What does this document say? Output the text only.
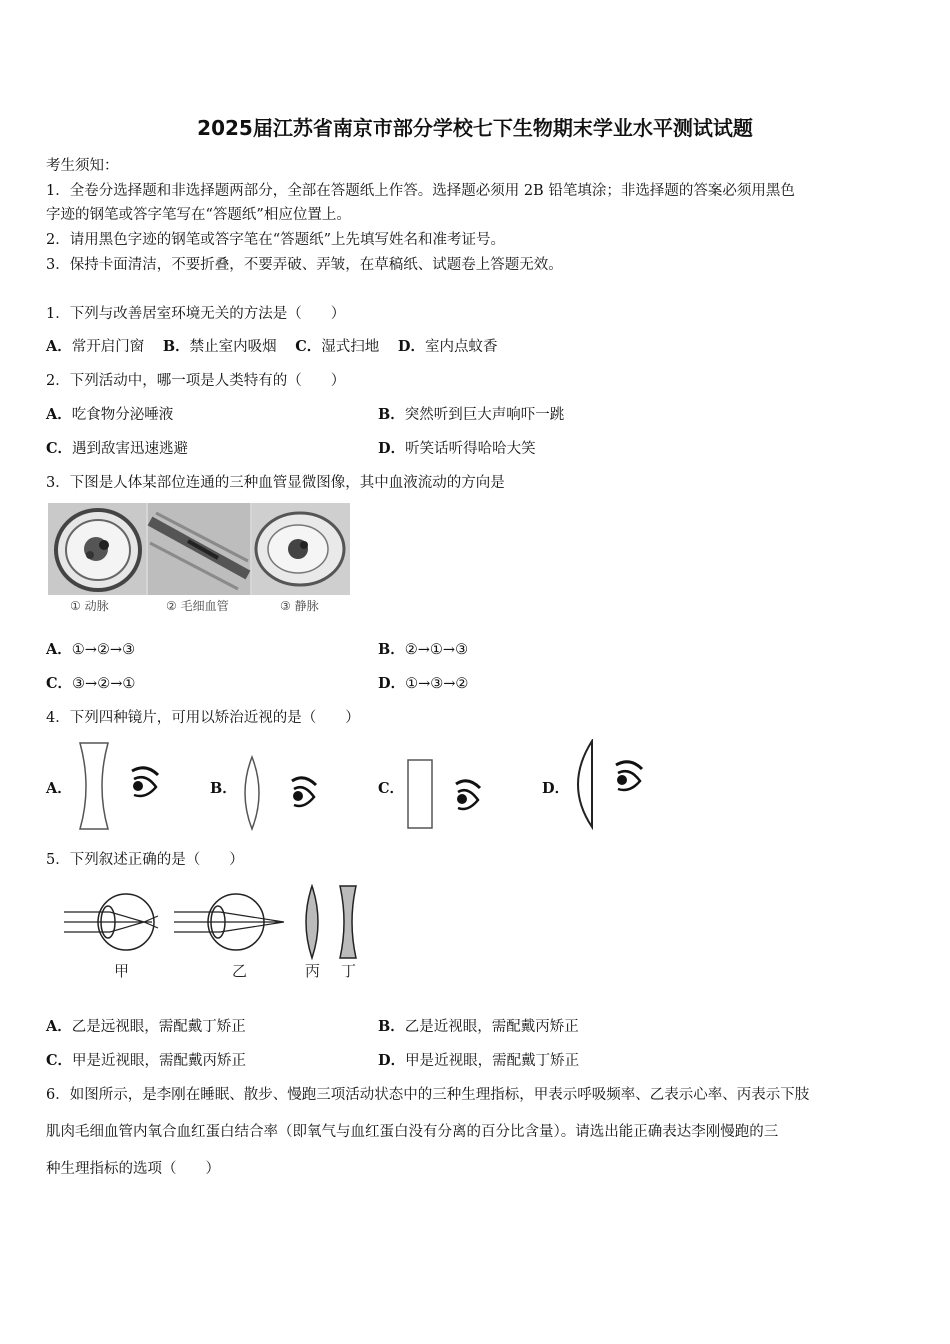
2025届江苏省南京市部分学校七下生物期末学业水平测试试题
考生须知：
1．全卷分选择题和非选择题两部分，全部在答题纸上作答。选择题必须用 2B 铅笔填涂；非选择题的答案必须用黑色
字迹的钢笔或答字笔写在“答题纸”相应位置上。
2．请用黑色字迹的钢笔或答字笔在“答题纸”上先填写姓名和准考证号。
3．保持卡面清洁，不要折叠，不要弄破、弄皱，在草稿纸、试题卷上答题无效。
1．下列与改善居室环境无关的方法是（　　）
A．常开启门窗 B．禁止室内吸烟 C．湿式扫地 D．室内点蚊香
2．下列活动中，哪一项是人类特有的（　　）
A．吃食物分泌唾液	B．突然听到巨大声响吓一跳
C．遇到敌害迅速逃避	D．听笑话听得哈哈大笑
3．下图是人体某部位连通的三种血管显微图像，其中血液流动的方向是
① 动脉	② 毛细血管	③ 静脉
A．①→②→③	B．②→①→③
C．③→②→①	D．①→③→②
4．下列四种镜片，可用以矫治近视的是（　　）
A．	B．	C．	D．
5．下列叙述正确的是（　　）
甲	乙	丙 丁
A．乙是远视眼，需配戴丁矫正	B．乙是近视眼，需配戴丙矫正
C．甲是近视眼，需配戴丙矫正	D．甲是近视眼，需配戴丁矫正
6．如图所示，是李刚在睡眠、散步、慢跑三项活动状态中的三种生理指标，甲表示呼吸频率、乙表示心率、丙表示下肢
肌肉毛细血管内氧合血红蛋白结合率（即氧气与血红蛋白没有分离的百分比含量）。请选出能正确表达李刚慢跑的三
种生理指标的选项（　　）
